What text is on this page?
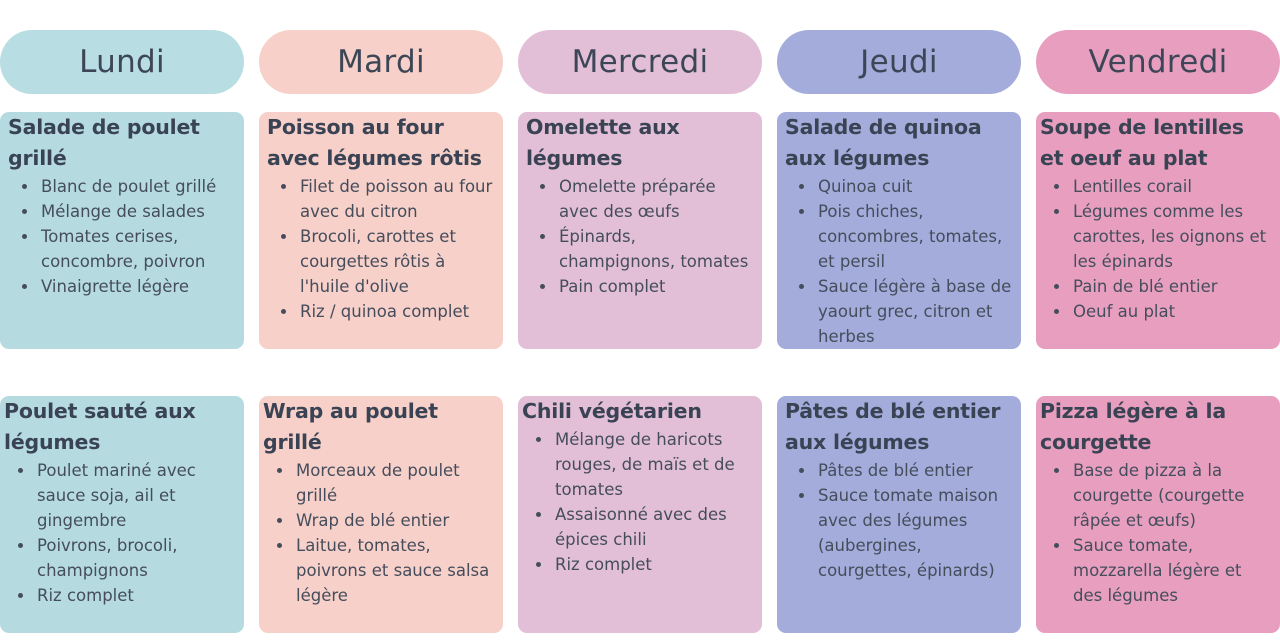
Lundi

Salade de poulet grillé

Blanc de poulet grillé
Mélange de salades
Tomates cerises, concombre, poivron
Vinaigrette légère

Poulet sauté aux légumes

Poulet mariné avec sauce soja, ail et gingembre
Poivrons, brocoli, champignons
Riz complet
Mardi

Poisson au four avec légumes rôtis

Filet de poisson au four avec du citron
Brocoli, carottes et courgettes rôtis à l'huile d'olive
Riz / quinoa complet

Wrap au poulet grillé

Morceaux de poulet grillé
Wrap de blé entier
Laitue, tomates, poivrons et sauce salsa légère
Mercredi

Omelette aux légumes

Omelette préparée avec des œufs
Épinards, champignons, tomates
Pain complet

Chili végétarien

Mélange de haricots rouges, de maïs et de tomates
Assaisonné avec des épices chili
Riz complet
Jeudi

Salade de quinoa aux légumes

Quinoa cuit
Pois chiches, concombres, tomates, et persil
Sauce légère à base de yaourt grec, citron et herbes

Pâtes de blé entier aux légumes

Pâtes de blé entier
Sauce tomate maison avec des légumes (aubergines, courgettes, épinards)
Vendredi

Soupe de lentilles et oeuf au plat

Lentilles corail
Légumes comme les carottes, les oignons et les épinards
Pain de blé entier
Oeuf au plat

Pizza légère à la courgette

Base de pizza à la courgette (courgette râpée et œufs)
Sauce tomate, mozzarella légère et des légumes
